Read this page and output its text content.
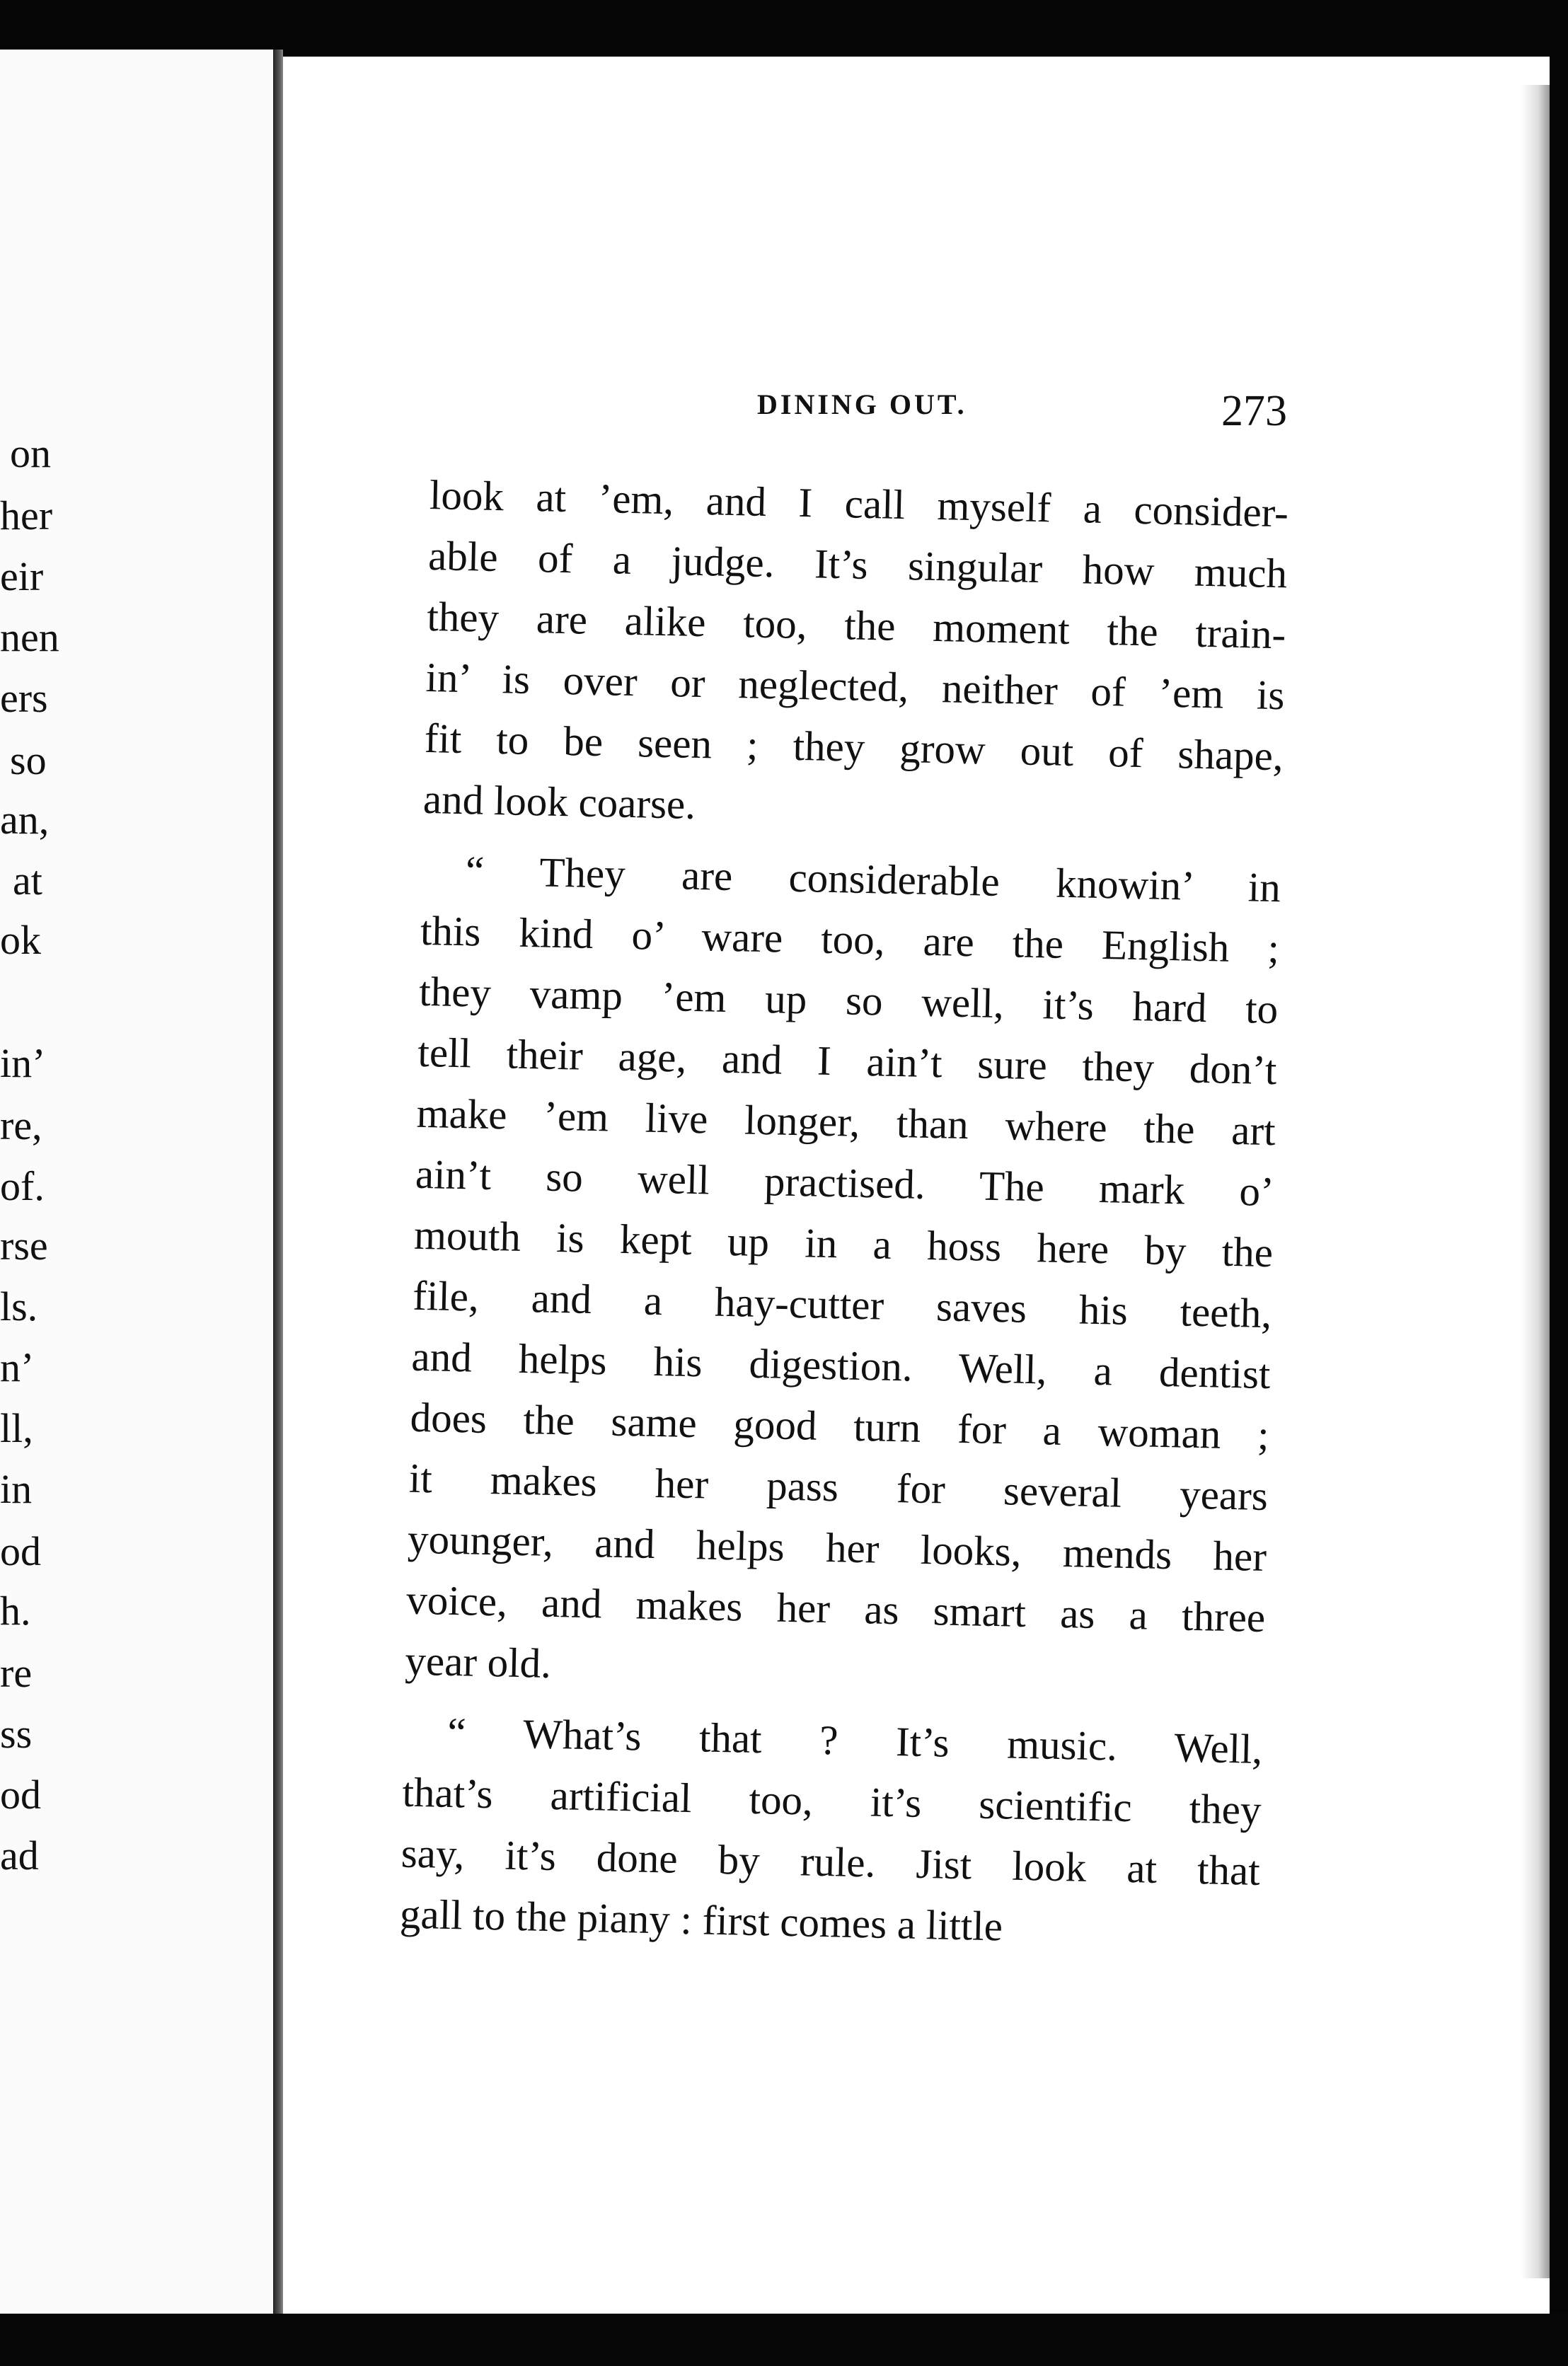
on
her
eir
nen
ers
so
an,
at
ok
in’
re,
of.
rse
ls.
n’
ll,
in
od
h.
re
ss
od
ad
DINING OUT.	273
look at ’em, and I call myself a consider-
able of a judge. It’s singular how much
they are alike too, the moment the train-
in’ is over or neglected, neither of ’em is
fit to be seen ; they grow out of shape,
and look coarse.
“ They are considerable knowin’ in
this kind o’ ware too, are the English ;
they vamp ’em up so well, it’s hard to
tell their age, and I ain’t sure they don’t
make ’em live longer, than where the art
ain’t so well practised. The mark o’
mouth is kept up in a hoss here by the
file, and a hay-cutter saves his teeth,
and helps his digestion. Well, a dentist
does the same good turn for a woman ;
it makes her pass for several years
younger, and helps her looks, mends her
voice, and makes her as smart as a three
year old.
“ What’s that ? It’s music. Well,
that’s artificial too, it’s scientific they
say, it’s done by rule. Jist look at that
gall to the piany : first comes a little
